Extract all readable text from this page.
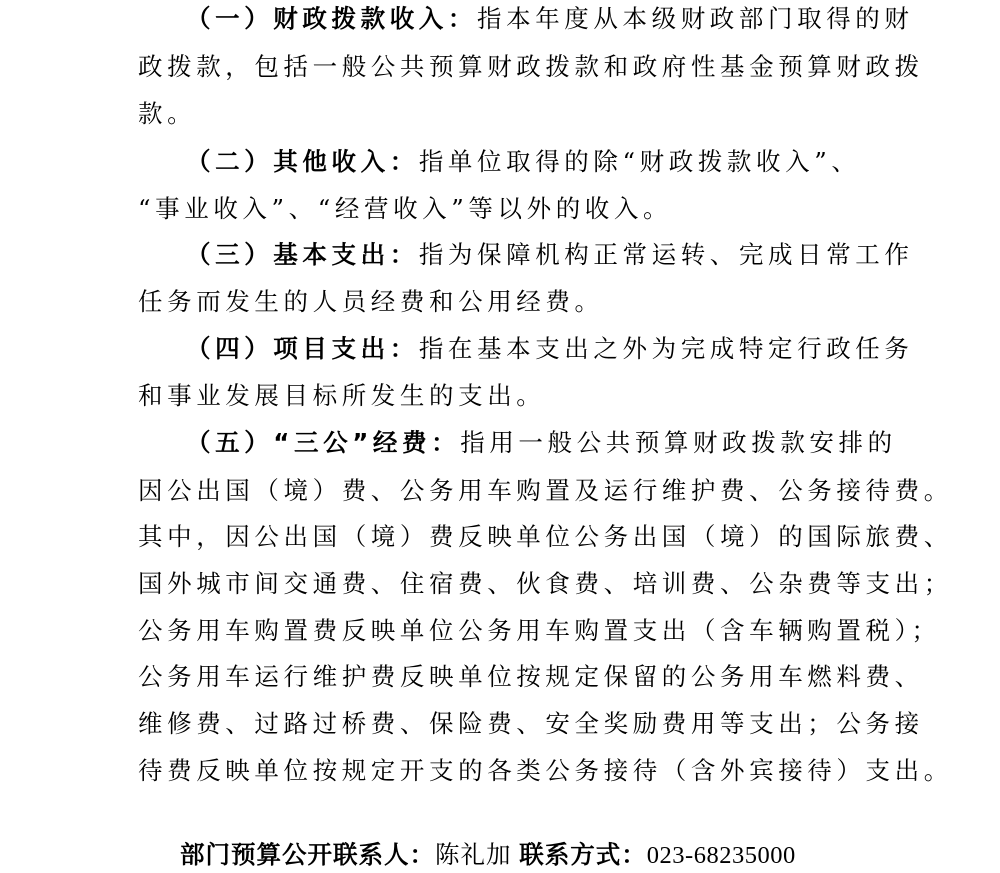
（一）财政拨款收入：指本年度从本级财政部门取得的财
政拨款，包括一般公共预算财政拨款和政府性基金预算财政拨
款。
（二）其他收入：指单位取得的除“财政拨款收入”、
“事业收入”、“经营收入”等以外的收入。
（三）基本支出：指为保障机构正常运转、完成日常工作
任务而发生的人员经费和公用经费。
（四）项目支出：指在基本支出之外为完成特定行政任务
和事业发展目标所发生的支出。
（五）“三公”经费：指用一般公共预算财政拨款安排的
因公出国（境）费、公务用车购置及运行维护费、公务接待费。
其中，因公出国（境）费反映单位公务出国（境）的国际旅费、
国外城市间交通费、住宿费、伙食费、培训费、公杂费等支出；
公务用车购置费反映单位公务用车购置支出（含车辆购置税）；
公务用车运行维护费反映单位按规定保留的公务用车燃料费、
维修费、过路过桥费、保险费、安全奖励费用等支出；公务接
待费反映单位按规定开支的各类公务接待（含外宾接待）支出。
部门预算公开联系人：陈礼加 联系方式：023-68235000
